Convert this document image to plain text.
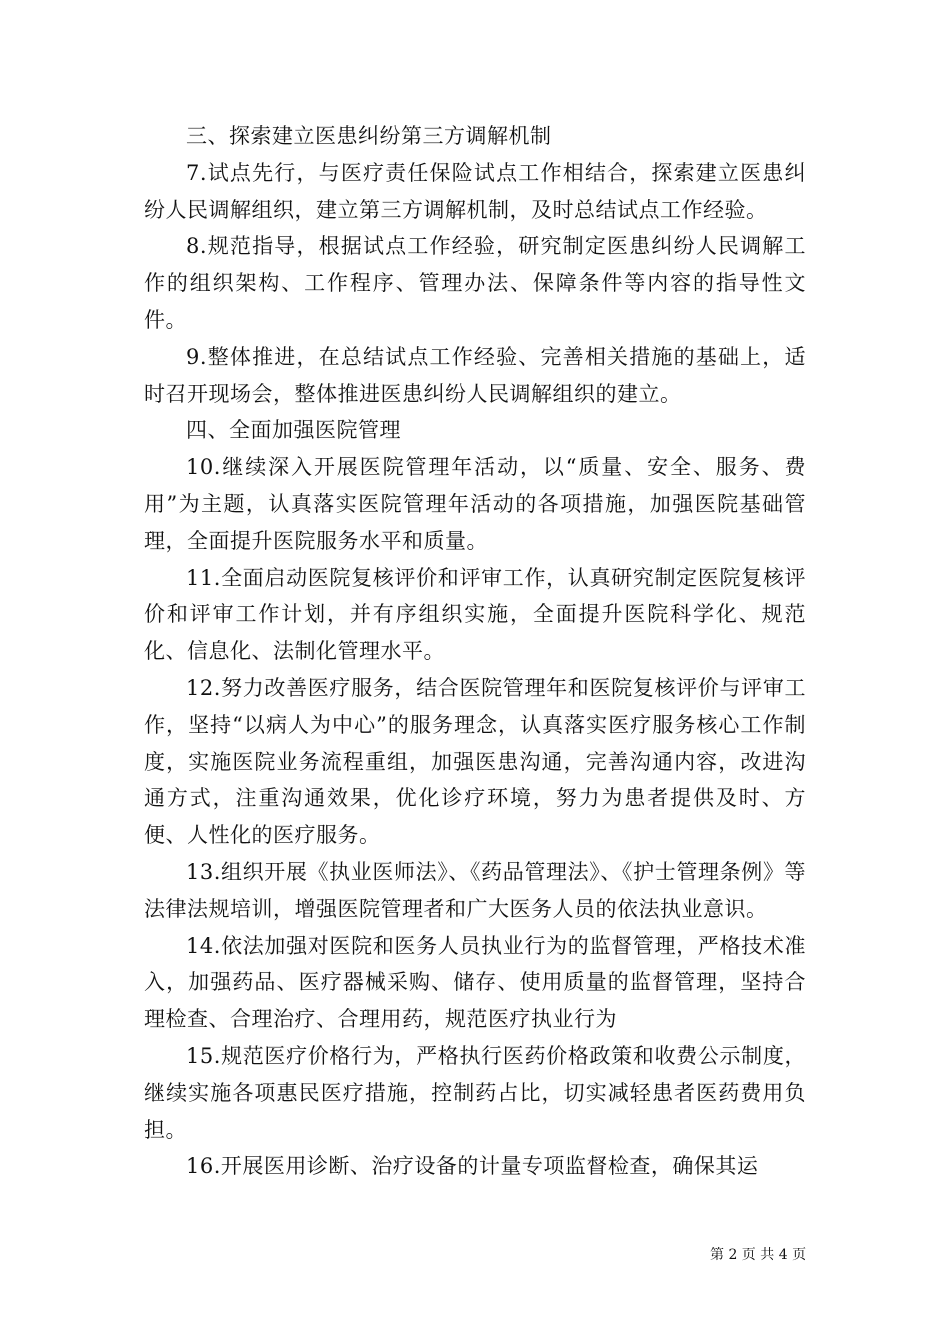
三、探索建立医患纠纷第三方调解机制

7.试点先行，与医疗责任保险试点工作相结合，探索建立医患纠纷人民调解组织，建立第三方调解机制，及时总结试点工作经验。

8.规范指导，根据试点工作经验，研究制定医患纠纷人民调解工作的组织架构、工作程序、管理办法、保障条件等内容的指导性文件。

9.整体推进，在总结试点工作经验、完善相关措施的基础上，适时召开现场会，整体推进医患纠纷人民调解组织的建立。

四、全面加强医院管理

10.继续深入开展医院管理年活动，以“质量、安全、服务、费用”为主题，认真落实医院管理年活动的各项措施，加强医院基础管理，全面提升医院服务水平和质量。

11.全面启动医院复核评价和评审工作，认真研究制定医院复核评价和评审工作计划，并有序组织实施，全面提升医院科学化、规范化、信息化、法制化管理水平。

12.努力改善医疗服务，结合医院管理年和医院复核评价与评审工作，坚持“以病人为中心”的服务理念，认真落实医疗服务核心工作制度，实施医院业务流程重组，加强医患沟通，完善沟通内容，改进沟通方式，注重沟通效果，优化诊疗环境，努力为患者提供及时、方便、人性化的医疗服务。

13.组织开展《执业医师法》、《药品管理法》、《护士管理条例》等法律法规培训，增强医院管理者和广大医务人员的依法执业意识。

14.依法加强对医院和医务人员执业行为的监督管理，严格技术准入，加强药品、医疗器械采购、储存、使用质量的监督管理，坚持合理检查、合理治疗、合理用药，规范医疗执业行为

15.规范医疗价格行为，严格执行医药价格政策和收费公示制度，继续实施各项惠民医疗措施，控制药占比，切实减轻患者医药费用负担。

16.开展医用诊断、治疗设备的计量专项监督检查，确保其运

第 2 页 共 4 页
